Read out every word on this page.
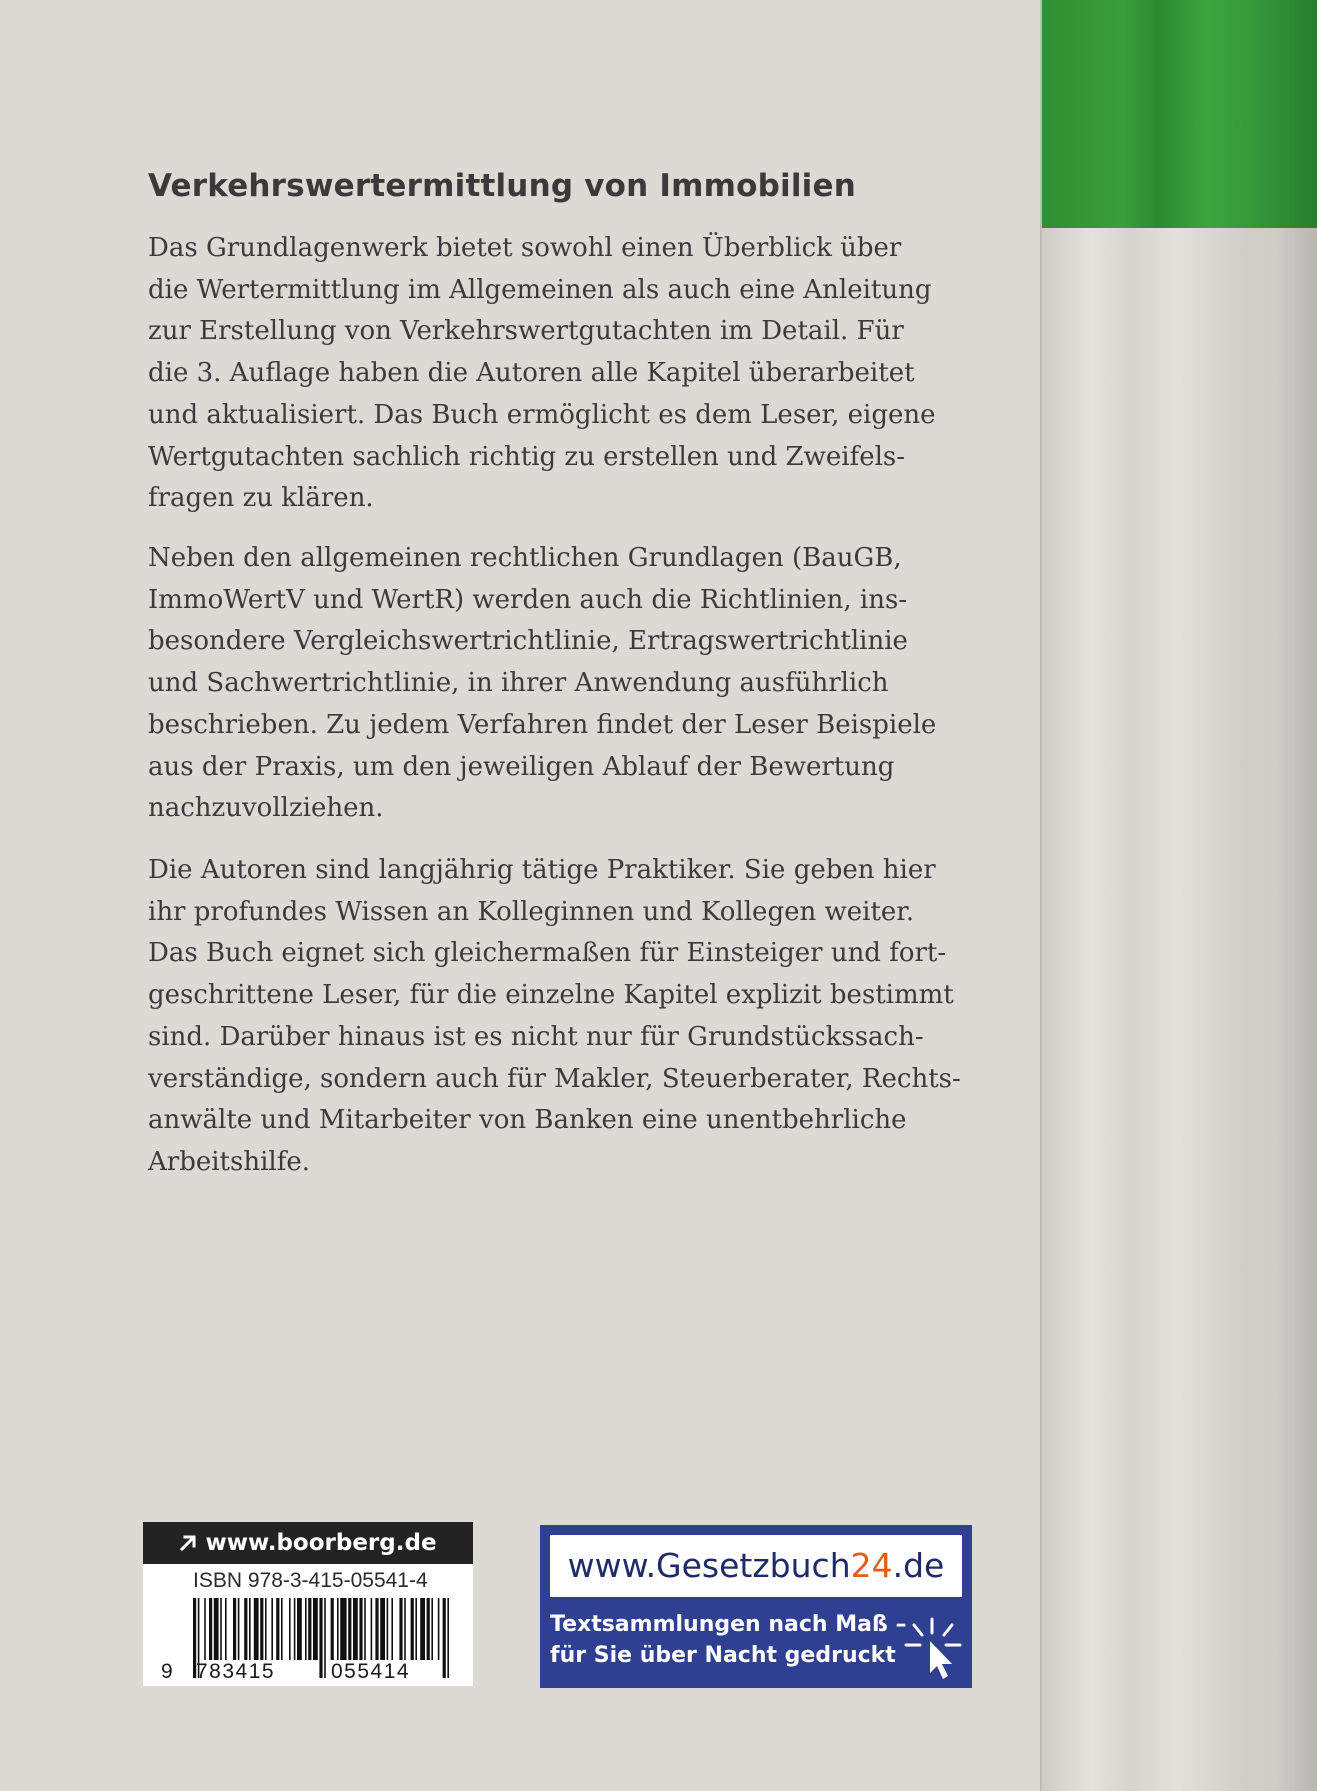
Verkehrswertermittlung von Immobilien

Das Grundlagenwerk bietet sowohl einen Überblick über
die Wertermittlung im Allgemeinen als auch eine Anleitung
zur Erstellung von Verkehrswertgutachten im Detail. Für
die 3. Auflage haben die Autoren alle Kapitel überarbeitet
und aktualisiert. Das Buch ermöglicht es dem Leser, eigene
Wertgutachten sachlich richtig zu erstellen und Zweifels-
fragen zu klären.

Neben den allgemeinen rechtlichen Grundlagen (BauGB,
ImmoWertV und WertR) werden auch die Richtlinien, ins-
besondere Vergleichswertrichtlinie, Ertragswertrichtlinie
und Sachwertrichtlinie, in ihrer Anwendung ausführlich
beschrieben. Zu jedem Verfahren findet der Leser Beispiele
aus der Praxis, um den jeweiligen Ablauf der Bewertung
nachzuvollziehen.

Die Autoren sind langjährig tätige Praktiker. Sie geben hier
ihr profundes Wissen an Kolleginnen und Kollegen weiter.
Das Buch eignet sich gleichermaßen für Einsteiger und fort-
geschrittene Leser, für die einzelne Kapitel explizit bestimmt
sind. Darüber hinaus ist es nicht nur für Grundstückssach-
verständige, sondern auch für Makler, Steuerberater, Rechts-
anwälte und Mitarbeiter von Banken eine unentbehrliche
Arbeitshilfe.

www.boorberg.de
ISBN 978-3-415-05541-4
9 783415	055414
www.Gesetzbuch24.de
Textsammlungen nach Maß –
für Sie über Nacht gedruckt
